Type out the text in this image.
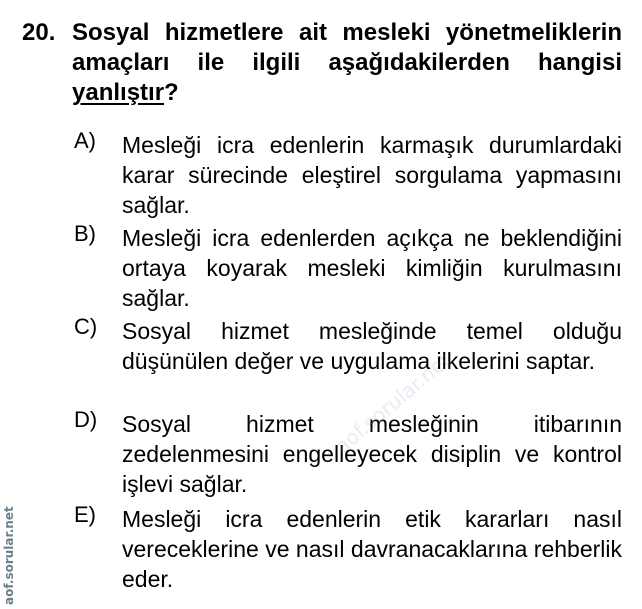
20. Sosyal hizmetlere ait mesleki yönetmeliklerin amaçları ile ilgili aşağıdakilerden hangisi yanlıştır?
A)	Mesleği icra edenlerin karmaşık durumlardaki karar sürecinde eleştirel sorgulama yapmasını sağlar.
B)	Mesleği icra edenlerden açıkça ne beklendiğini ortaya koyarak mesleki kimliğin kurulmasını sağlar.
C)	Sosyal hizmet mesleğinde temel olduğu düşünülen değer ve uygulama ilkelerini saptar.
D)	Sosyal hizmet mesleğinin itibarının zedelenmesini engelleyecek disiplin ve kontrol işlevi sağlar.
E)	Mesleği icra edenlerin etik kararları nasıl vereceklerine ve nasıl davranacaklarına rehberlik eder.
aof.sorular.net
aof.sorular.net
